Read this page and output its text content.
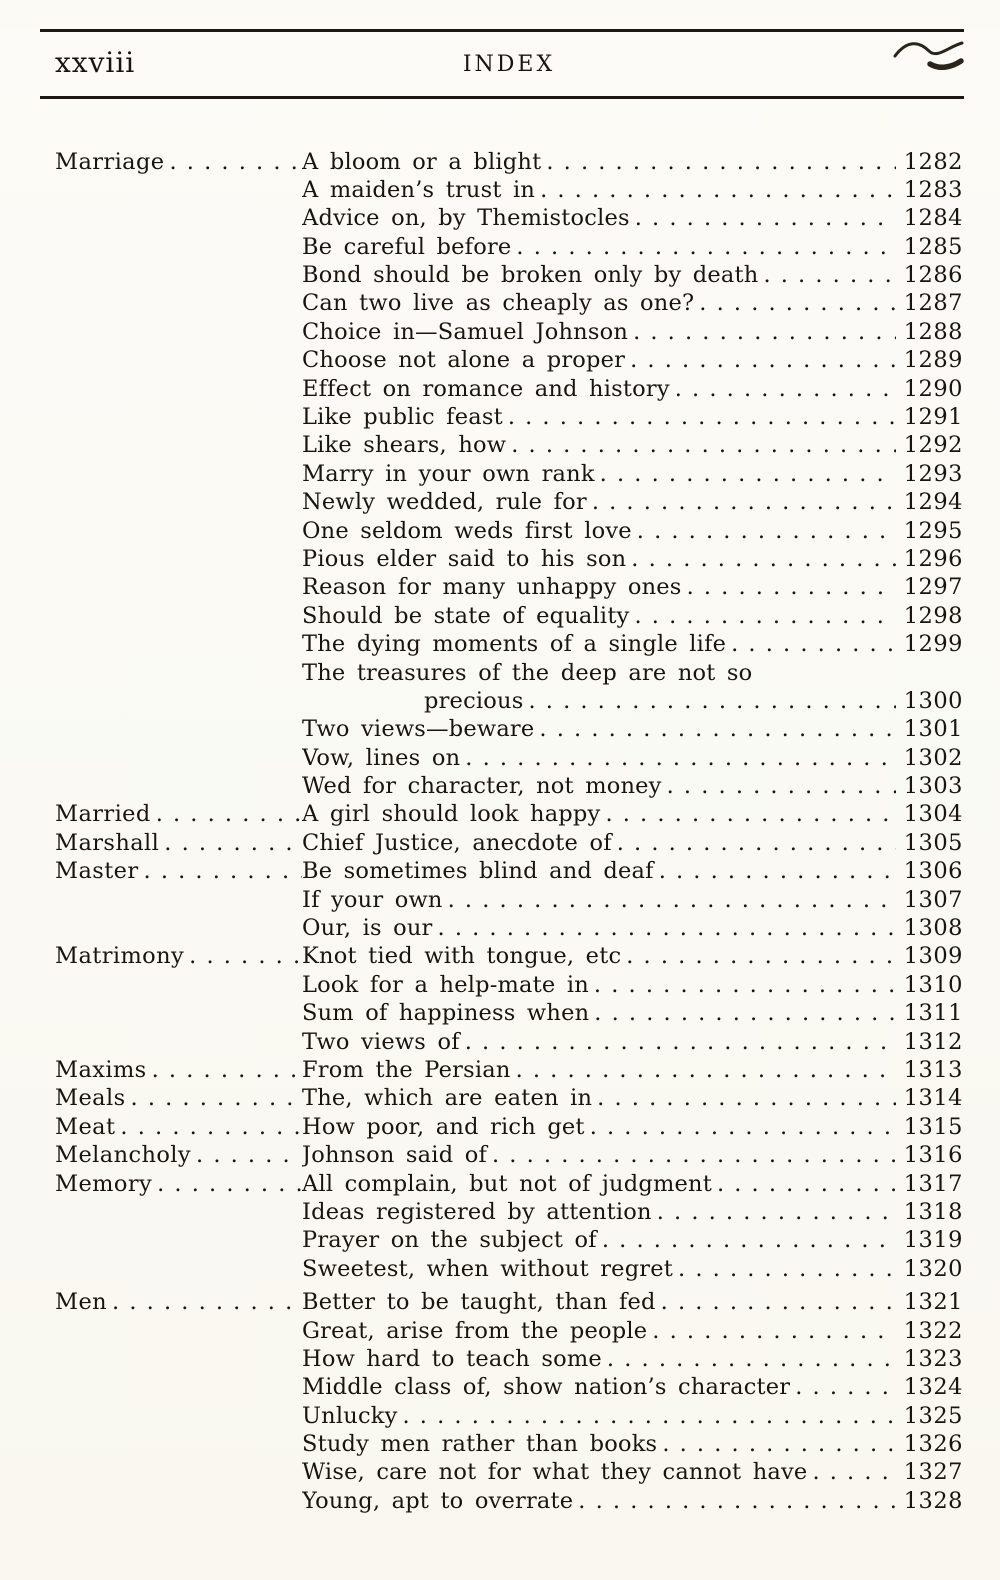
xxviii	INDEX
Marriage . . .	A bloom or a blight . . .	1282
A maiden’s trust in . . .	1283
Advice on, by Themistocles . . .	1284
Be careful before . . .	1285
Bond should be broken only by death . . .	1286
Can two live as cheaply as one? . . .	1287
Choice in—Samuel Johnson . . .	1288
Choose not alone a proper . . .	1289
Effect on romance and history . . .	1290
Like public feast . . .	1291
Like shears, how . . .	1292
Marry in your own rank . . .	1293
Newly wedded, rule for . . .	1294
One seldom weds first love . . .	1295
Pious elder said to his son . . .	1296
Reason for many unhappy ones . . .	1297
Should be state of equality . . .	1298
The dying moments of a single life . . .	1299
The treasures of the deep are not so
precious . . .	1300
Two views—beware . . .	1301
Vow, lines on . . .	1302
Wed for character, not money . . .	1303
Married . . .	A girl should look happy . . .	1304
Marshall . . .	Chief Justice, anecdote of . . .	1305
Master . . .	Be sometimes blind and deaf . . .	1306
If your own . . .	1307
Our, is our . . .	1308
Matrimony . . .	Knot tied with tongue, etc . . .	1309
Look for a help-mate in . . .	1310
Sum of happiness when . . .	1311
Two views of . . .	1312
Maxims . . .	From the Persian . . .	1313
Meals . . .	The, which are eaten in . . .	1314
Meat . . .	How poor, and rich get . . .	1315
Melancholy . . .	Johnson said of . . .	1316
Memory . . .	All complain, but not of judgment . . .	1317
Ideas registered by attention . . .	1318
Prayer on the subject of . . .	1319
Sweetest, when without regret . . .	1320
Men . . .	Better to be taught, than fed . . .	1321
Great, arise from the people . . .	1322
How hard to teach some . . .	1323
Middle class of, show nation’s character . . .	1324
Unlucky . . .	1325
Study men rather than books . . .	1326
Wise, care not for what they cannot have . . .	1327
Young, apt to overrate . . .	1328
